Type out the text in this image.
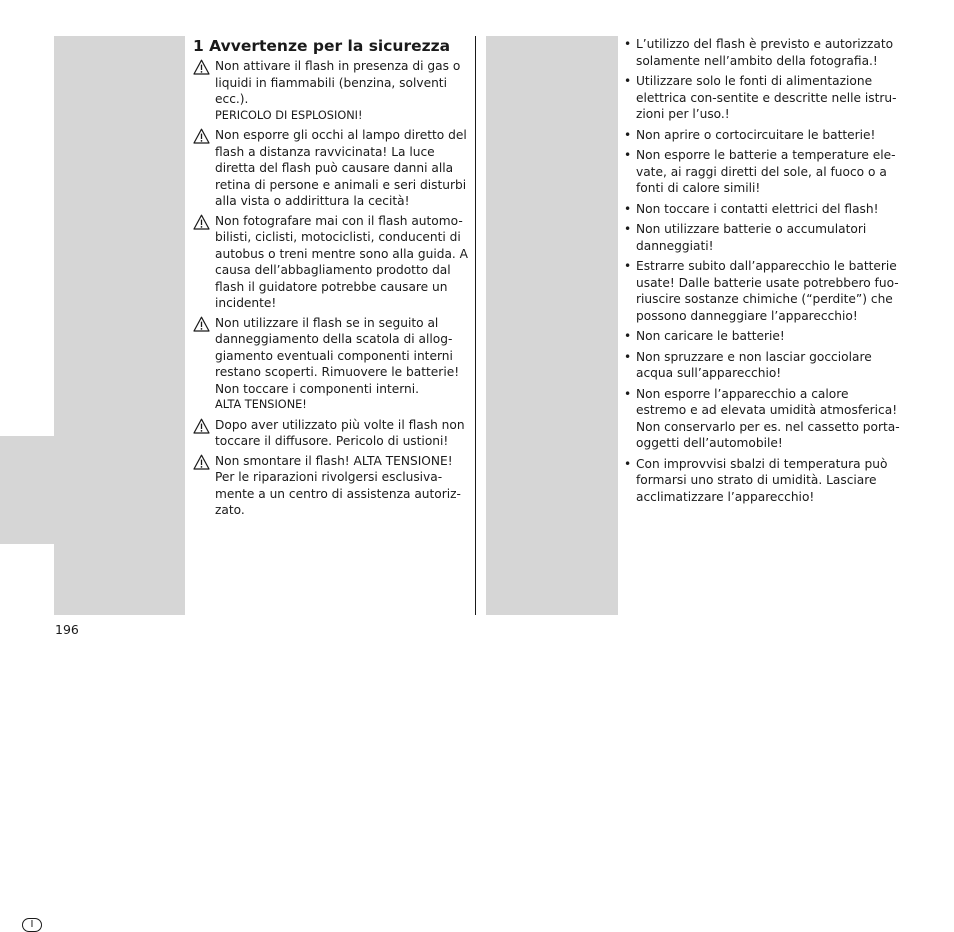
I
1 Avvertenze per la sicurezza

Non attivare il flash in presenza di gas o liquidi in fiammabili (benzina, solventi ecc.).

PERICOLO DI ESPLOSIONI!

Non esporre gli occhi al lampo diretto del flash a distanza ravvicinata! La luce diretta del flash può causare danni alla retina di persone e animali e seri disturbi alla vista o addirittura la cecità!

Non fotografare mai con il flash automo-bilisti, ciclisti, motociclisti, conducenti di autobus o treni mentre sono alla guida. A causa dell’abbagliamento prodotto dal flash il guidatore potrebbe causare un incidente!

Non utilizzare il flash se in seguito al danneggiamento della scatola di allog-giamento eventuali componenti interni restano scoperti. Rimuovere le batterie! Non toccare i componenti interni.

ALTA TENSIONE!

Dopo aver utilizzato più volte il flash non toccare il diffusore. Pericolo di ustioni!

Non smontare il flash! ALTA TENSIONE! Per le riparazioni rivolgersi esclusiva-mente a un centro di assistenza autoriz-zato.

• L’utilizzo del flash è previsto e autorizzato solamente nell’ambito della fotografia.!

• Utilizzare solo le fonti di alimentazione elettrica con-sentite e descritte nelle istru-zioni per l’uso.!

• Non aprire o cortocircuitare le batterie!

• Non esporre le batterie a temperature ele-vate, ai raggi diretti del sole, al fuoco o a fonti di calore simili!

• Non toccare i contatti elettrici del flash!

• Non utilizzare batterie o accumulatori danneggiati!

• Estrarre subito dall’apparecchio le batterie usate! Dalle batterie usate potrebbero fuo-riuscire sostanze chimiche (“perdite”) che possono danneggiare l’apparecchio!

• Non caricare le batterie!

• Non spruzzare e non lasciar gocciolare acqua sull’apparecchio!

• Non esporre l’apparecchio a calore estremo e ad elevata umidità atmosferica!

Non conservarlo per es. nel cassetto porta-oggetti dell’automobile!

• Con improvvisi sbalzi di temperatura può formarsi uno strato di umidità. Lasciare acclimatizzare l’apparecchio!

196
